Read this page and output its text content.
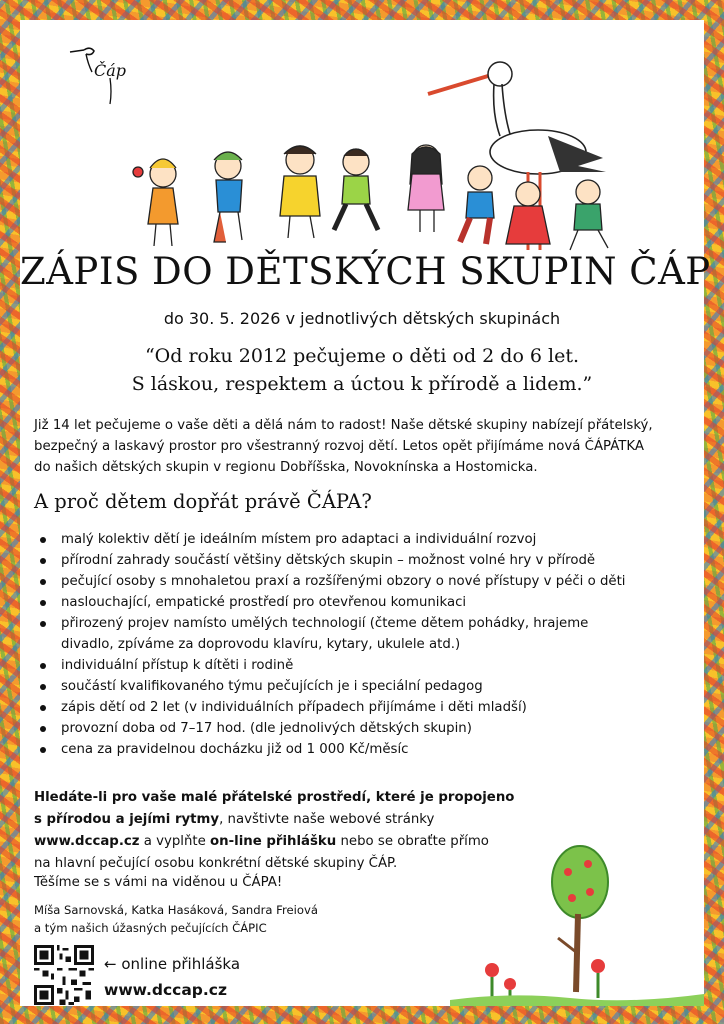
Čáp
ZÁPIS DO DĚTSKÝCH SKUPIN ČÁP
do 30. 5. 2026 v jednotlivých dětských skupinách
“Od roku 2012 pečujeme o děti od 2 do 6 let.
S láskou, respektem a úctou k přírodě a lidem.”
Již 14 let pečujeme o vaše děti a dělá nám to radost! Naše dětské skupiny nabízejí přátelský,
bezpečný a laskavý prostor pro všestranný rozvoj dětí. Letos opět přijímáme nová ČÁPÁTKA
do našich dětských skupin v regionu Dobříšska, Novoknínska a Hostomicka.
A proč dětem dopřát právě ČÁPA?
malý kolektiv dětí je ideálním místem pro adaptaci a individuální rozvoj
přírodní zahrady součástí většiny dětských skupin – možnost volné hry v přírodě
pečující osoby s mnohaletou praxí a rozšířenými obzory o nové přístupy v péči o děti
naslouchající, empatické prostředí pro otevřenou komunikaci
přirozený projev namísto umělých technologií (čteme dětem pohádky, hrajeme
divadlo, zpíváme za doprovodu klavíru, kytary, ukulele atd.)
individuální přístup k dítěti i rodině
součástí kvalifikovaného týmu pečujících je i speciální pedagog
zápis dětí od 2 let (v individuálních případech přijímáme i děti mladší)
provozní doba od 7–17 hod. (dle jednolivých dětských skupin)
cena za pravidelnou docházku již od 1 000 Kč/měsíc
Hledáte-li pro vaše malé přátelské prostředí, které je propojeno
s přírodou a jejími rytmy, navštivte naše webové stránky
www.dccap.cz a vyplňte on-line přihlášku nebo se obraťte přímo
na hlavní pečující osobu konkrétní dětské skupiny ČÁP.
Těšíme se s vámi na viděnou u ČÁPA!
Míša Sarnovská, Katka Hasáková, Sandra Freiová
a tým našich úžasných pečujících ČÁPIC
← online přihláška
www.dccap.cz
